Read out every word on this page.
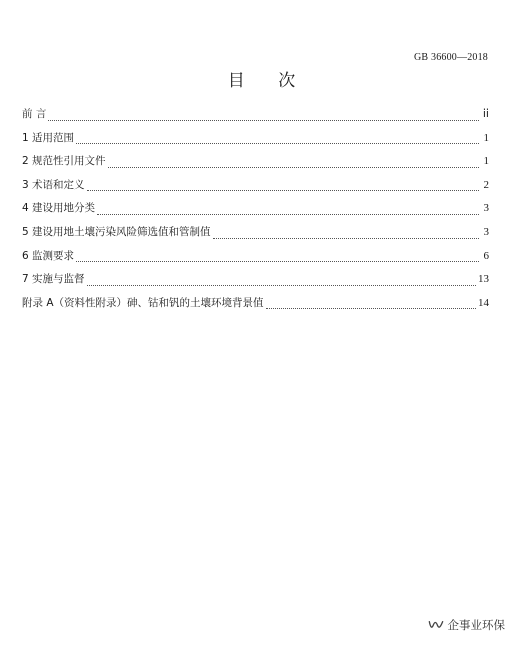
GB 36600—2018
目 次
前 言	ⅰⅰ
1 适用范围	1
2 规范性引用文件	1
3 术语和定义	2
4 建设用地分类	3
5 建设用地土壤污染风险筛选值和管制值	3
6 监测要求	6
7 实施与监督	13
附录 A（资料性附录）砷、钴和钒的土壤环境背景值	14
企事业环保
